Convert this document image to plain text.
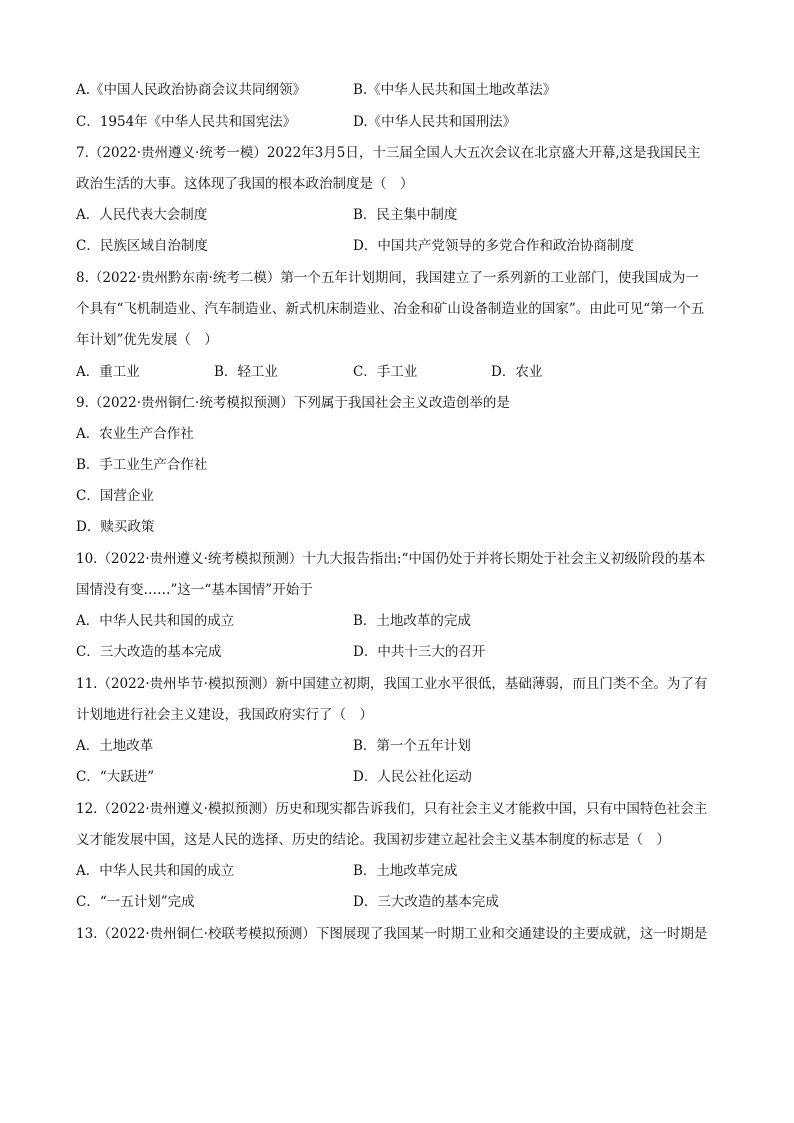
A.《中国人民政治协商会议共同纲领》	B.《中华人民共和国土地改革法》
C．1954年《中华人民共和国宪法》	D.《中华人民共和国刑法》
7.（2022·贵州遵义·统考一模）2022年3月5日，十三届全国人大五次会议在北京盛大开幕,这是我国民主
政治生活的大事。这体现了我国的根本政治制度是（　）
A．人民代表大会制度	B．民主集中制度
C．民族区域自治制度	D．中国共产党领导的多党合作和政治协商制度
8.（2022·贵州黔东南·统考二模）第一个五年计划期间，我国建立了一系列新的工业部门，使我国成为一
个具有“飞机制造业、汽车制造业、新式机床制造业、冶金和矿山设备制造业的国家”。由此可见“第一个五
年计划”优先发展（　）
A．重工业	B．轻工业	C．手工业	D．农业
9.（2022·贵州铜仁·统考模拟预测）下列属于我国社会主义改造创举的是
A．农业生产合作社
B．手工业生产合作社
C．国营企业
D．赎买政策
10.（2022·贵州遵义·统考模拟预测）十九大报告指出:“中国仍处于并将长期处于社会主义初级阶段的基本
国情没有变……”这一“基本国情”开始于
A．中华人民共和国的成立	B．土地改革的完成
C．三大改造的基本完成	D．中共十三大的召开
11.（2022·贵州毕节·模拟预测）新中国建立初期，我国工业水平很低，基础薄弱，而且门类不全。为了有
计划地进行社会主义建设，我国政府实行了（　）
A．土地改革	B．第一个五年计划
C．“大跃进”	D．人民公社化运动
12.（2022·贵州遵义·模拟预测）历史和现实都告诉我们，只有社会主义才能救中国，只有中国特色社会主
义才能发展中国，这是人民的选择、历史的结论。我国初步建立起社会主义基本制度的标志是（　）
A．中华人民共和国的成立	B．土地改革完成
C．“一五计划”完成	D．三大改造的基本完成
13.（2022·贵州铜仁·校联考模拟预测）下图展现了我国某一时期工业和交通建设的主要成就，这一时期是
